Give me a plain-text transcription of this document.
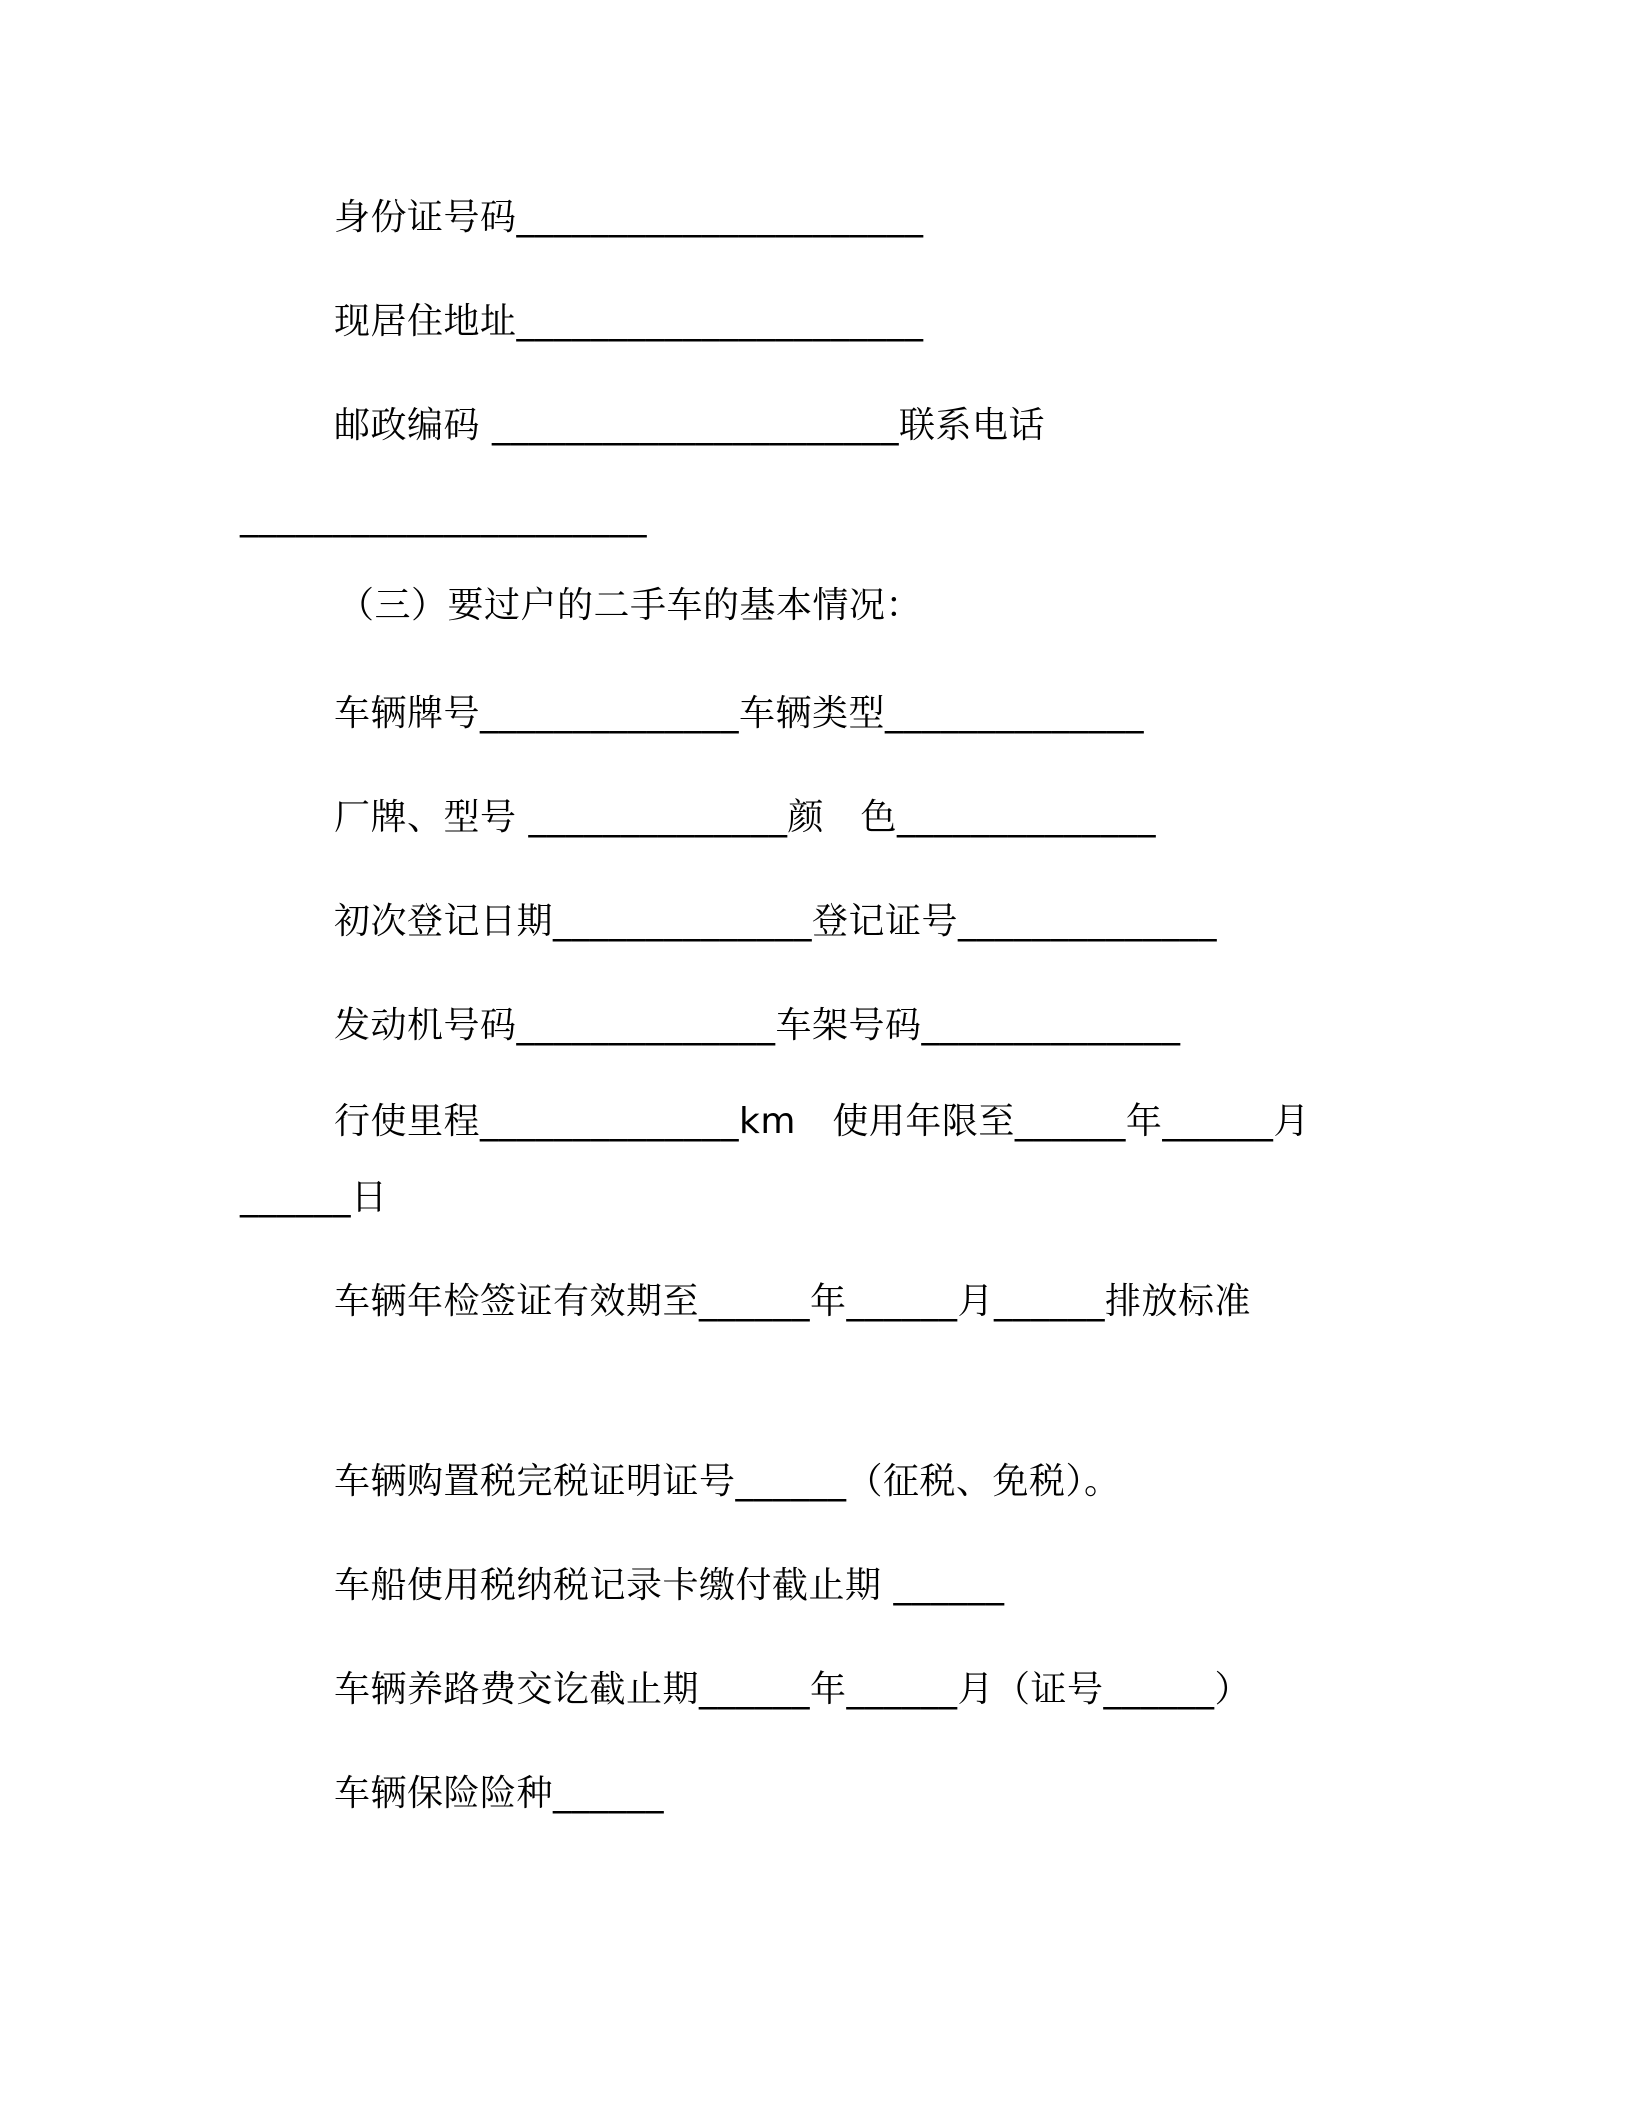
身份证号码______________________
现居住地址______________________
邮政编码 ______________________联系电话
______________________
（三）要过户的二手车的基本情况：
车辆牌号______________车辆类型______________
厂牌、型号 ______________颜　色______________
初次登记日期______________登记证号______________
发动机号码______________车架号码______________
行使里程______________km　使用年限至______年______月
______日
车辆年检签证有效期至______年______月______排放标准
车辆购置税完税证明证号______（征税、免税）。
车船使用税纳税记录卡缴付截止期 ______
车辆养路费交讫截止期______年______月（证号______）
车辆保险险种______
